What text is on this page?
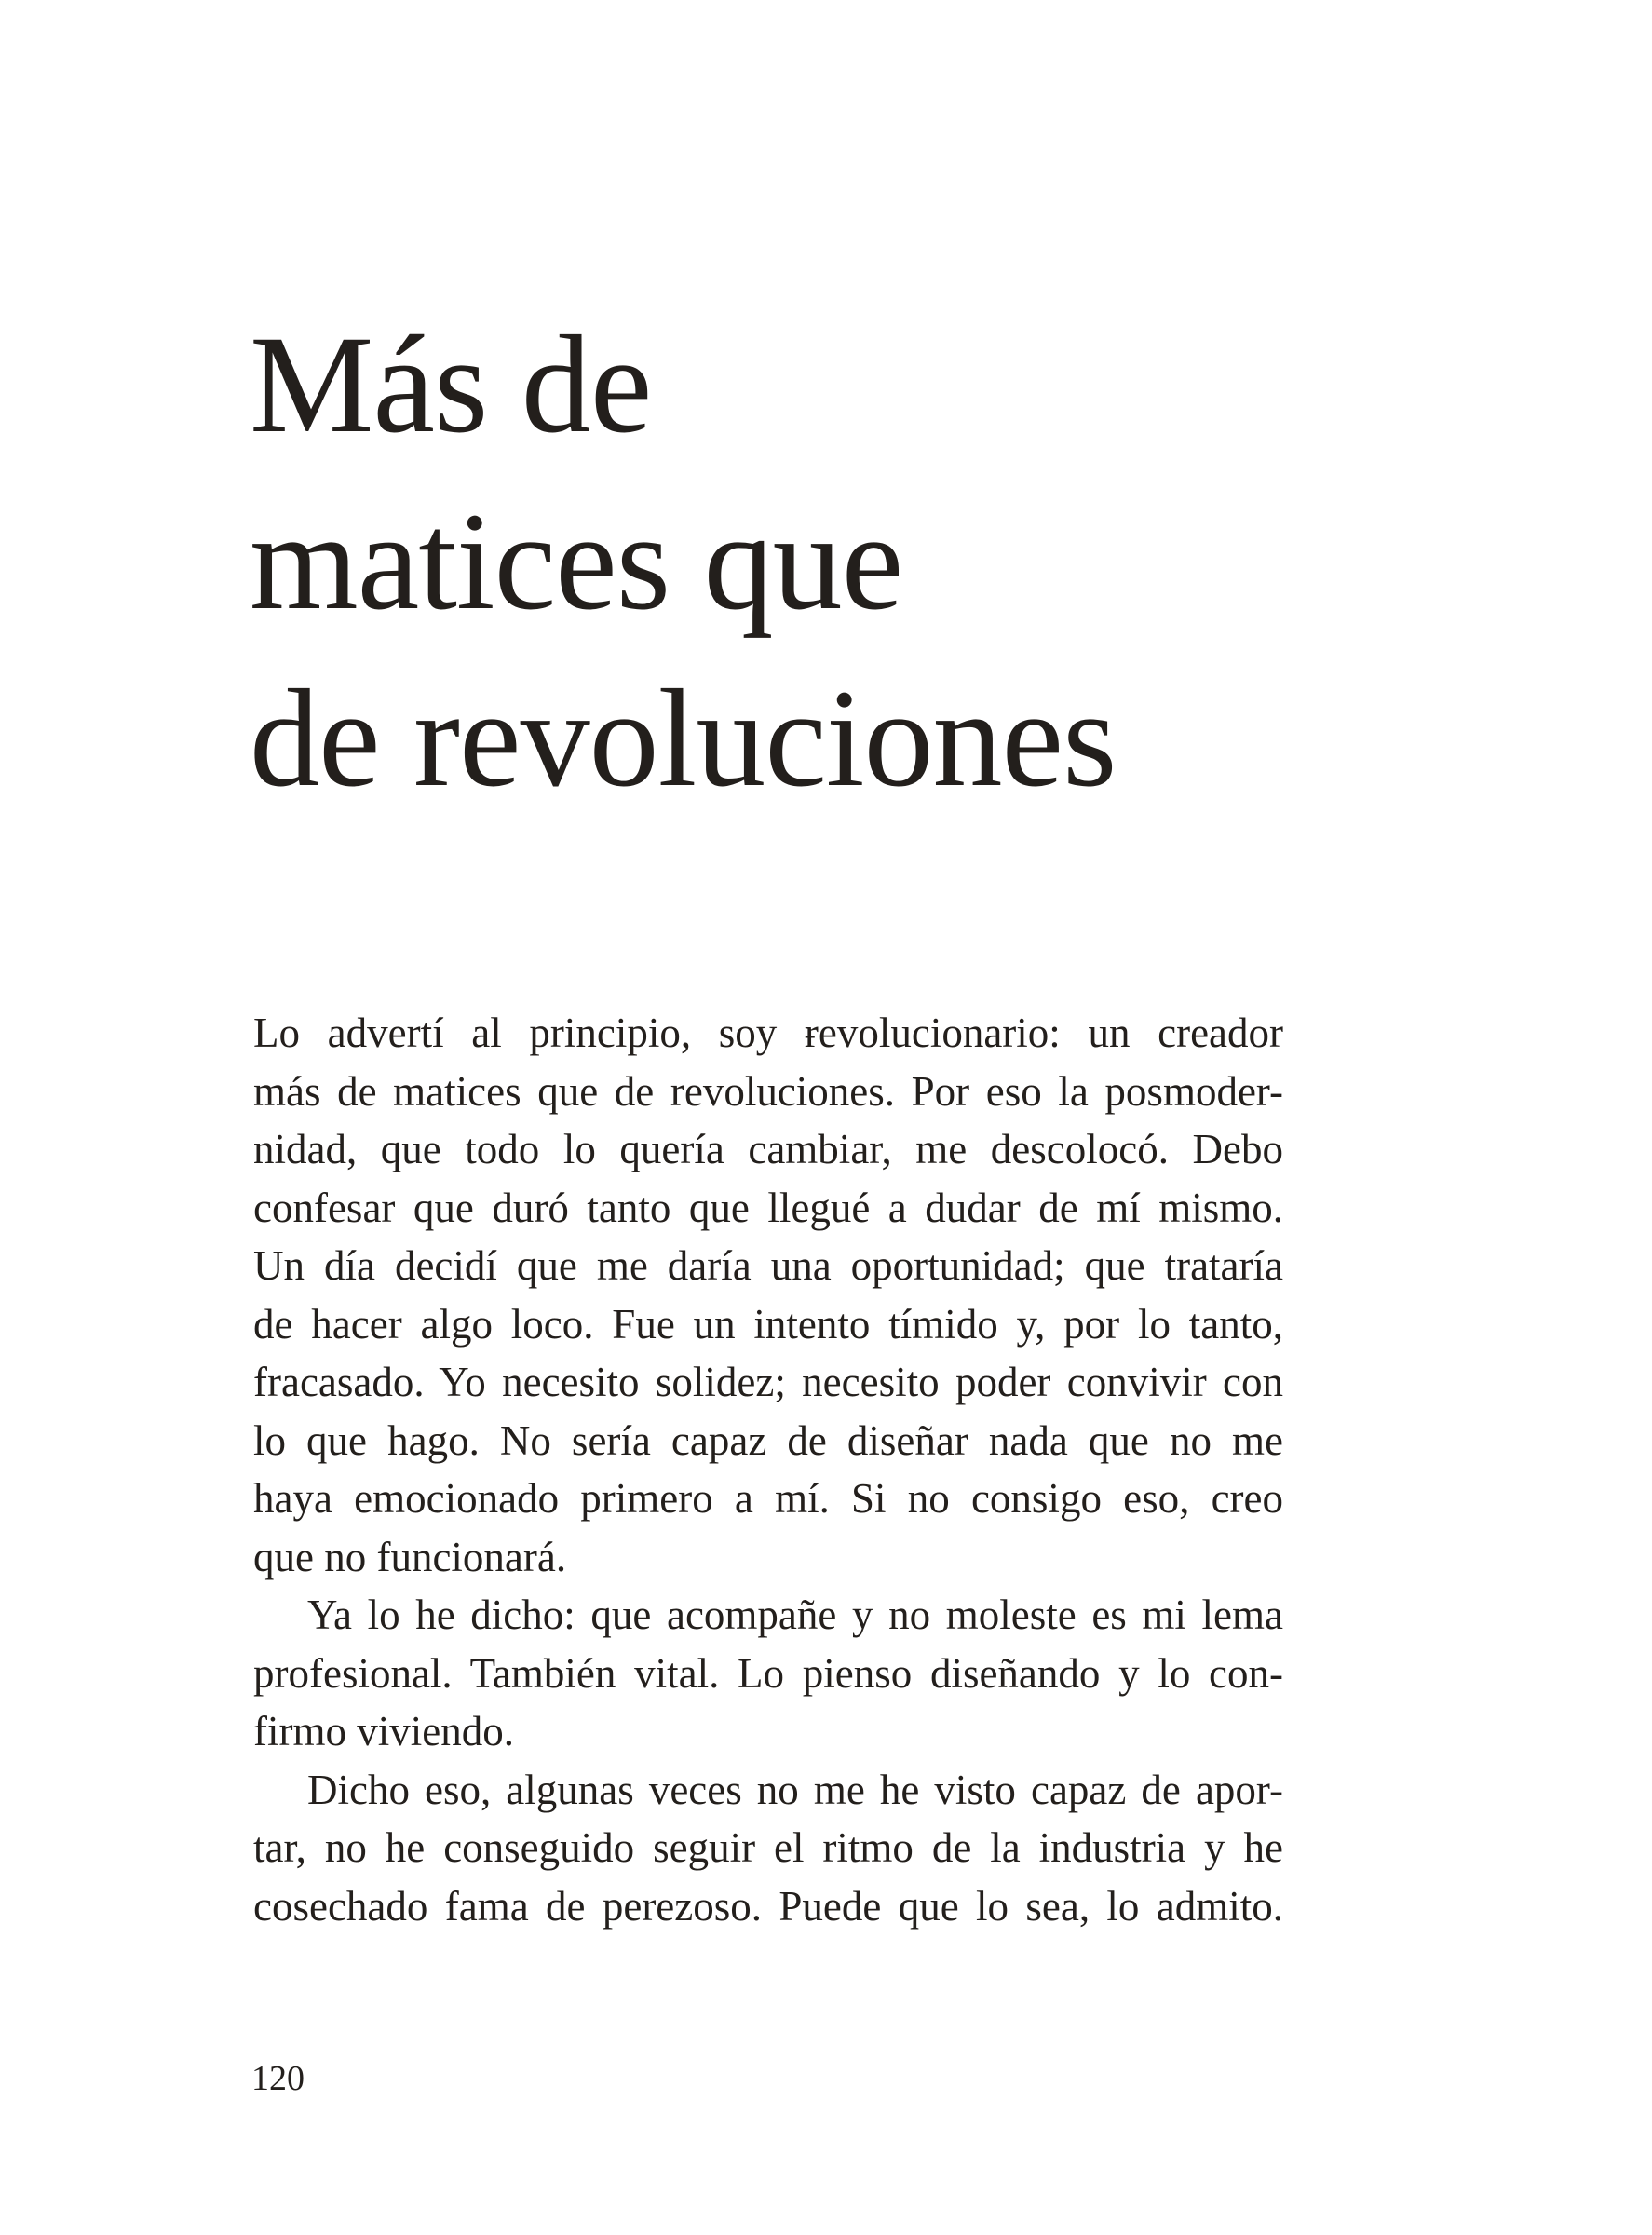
Más de
matices que
de revoluciones

Lo advertí al principio, soy ɍevolucionario: un creador
más de matices que de revoluciones. Por eso la posmoder-
nidad, que todo lo quería cambiar, me descolocó. Debo
confesar que duró tanto que llegué a dudar de mí mismo.
Un día decidí que me daría una oportunidad; que trataría
de hacer algo loco. Fue un intento tímido y, por lo tanto,
fracasado. Yo necesito solidez; necesito poder convivir con
lo que hago. No sería capaz de diseñar nada que no me
haya emocionado primero a mí. Si no consigo eso, creo
que no funcionará.

Ya lo he dicho: que acompañe y no moleste es mi lema
profesional. También vital. Lo pienso diseñando y lo con-
firmo viviendo.

Dicho eso, algunas veces no me he visto capaz de apor-
tar, no he conseguido seguir el ritmo de la industria y he
cosechado fama de perezoso. Puede que lo sea, lo admito.

120
